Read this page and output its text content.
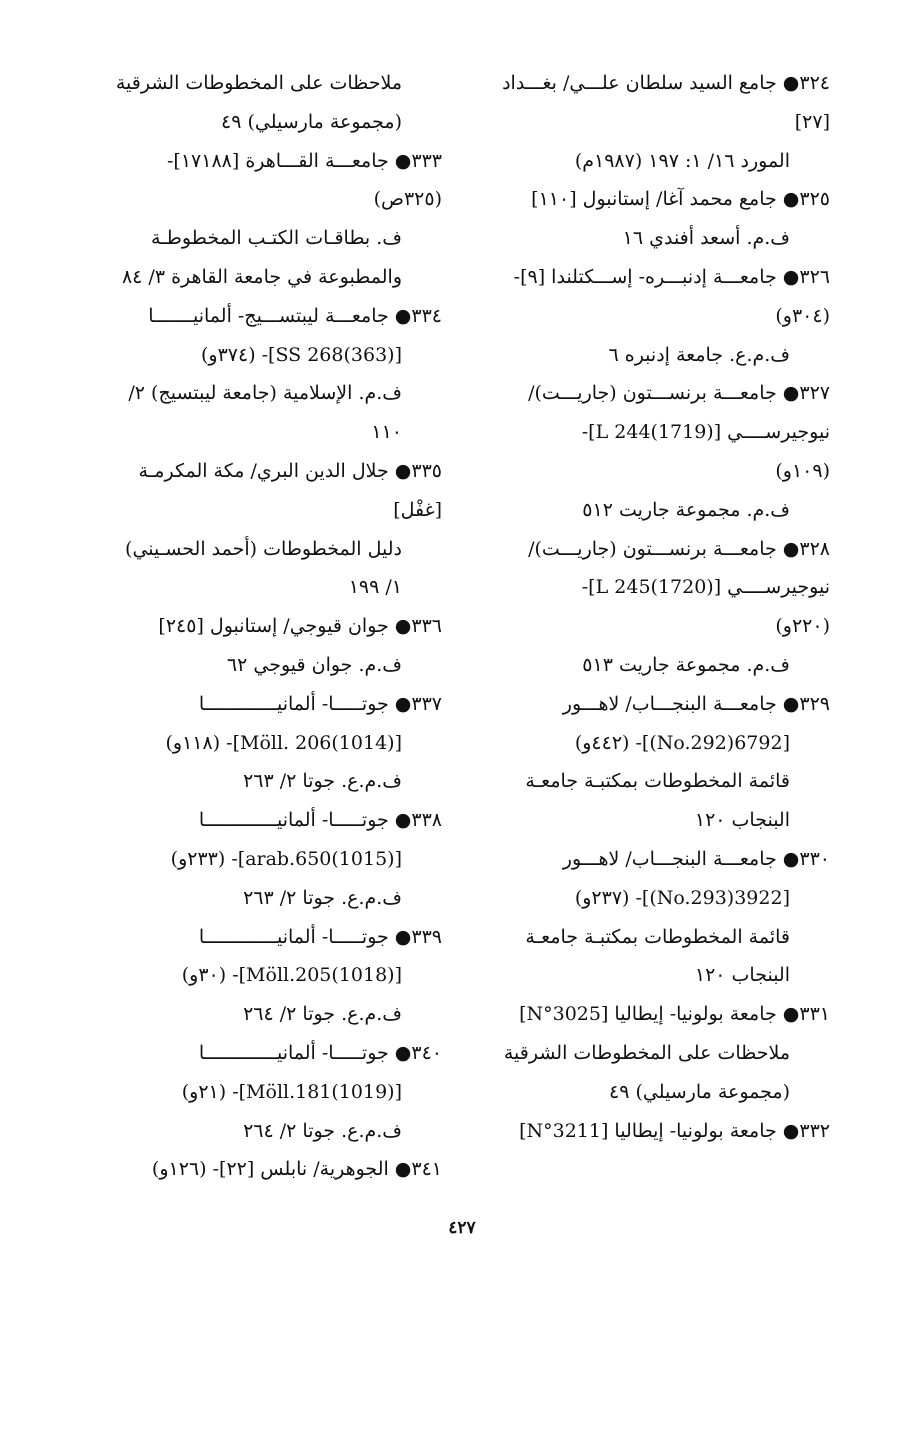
٣٢٤● جامع السيد سلطان علـــي/ بغـــداد
[٢٧]
المورد ١٦/ ١: ١٩٧ (١٩٨٧م)
٣٢٥● جامع محمد آغا/ إستانبول [١١٠]
ف.م. أسعد أفندي ١٦
٣٢٦● جامعـــة إدنبـــره- إســـكتلندا [٩]-
(٣٠٤و)
ف.م.ع. جامعة إدنبره ٦
٣٢٧● جامعـــة برنســـتون (جاريـــت)/
نيوجيرســــي [L 244(1719)]-
(١٠٩و)
ف.م. مجموعة جاريت ٥١٢
٣٢٨● جامعـــة برنســـتون (جاريـــت)/
نيوجيرســــي [L 245(1720)]-
(٢٢٠و)
ف.م. مجموعة جاريت ٥١٣
٣٢٩● جامعـــة البنجـــاب/ لاهـــور
[6792(No.292)]- (٤٤٢و)
قائمة المخطوطات بمكتبـة جامعـة
البنجاب ١٢٠
٣٣٠● جامعـــة البنجـــاب/ لاهـــور
[3922(No.293)]- (٢٣٧و)
قائمة المخطوطات بمكتبـة جامعـة
البنجاب ١٢٠
٣٣١● جامعة بولونيا- إيطاليا [N°3025]
ملاحظات على المخطوطات الشرقية
(مجموعة مارسيلي) ٤٩
٣٣٢● جامعة بولونيا- إيطاليا [N°3211]
ملاحظات على المخطوطات الشرقية
(مجموعة مارسيلي) ٤٩
٣٣٣● جامعـــة القـــاهرة [١٧١٨٨]-
(٣٢٥ص)
ف. بطاقـات الكتـب المخطوطـة
والمطبوعة في جامعة القاهرة ٣/ ٨٤
٣٣٤● جامعـــة ليبتســـيج- ألمانيـــــــا
[SS 268(363)]- (٣٧٤و)
ف.م. الإسلامية (جامعة ليبتسيج) ٢/
١١٠
٣٣٥● جلال الدين البري/ مكة المكرمـة
[غفْل]
دليل المخطوطات (أحمد الحسـيني)
١/ ١٩٩
٣٣٦● جوان قيوجي/ إستانبول [٢٤٥]
ف.م. جوان قيوجي ٦٢
٣٣٧● جوتـــــا- ألمانيـــــــــــــا
[Möll. 206(1014)]- (١١٨و)
ف.م.ع. جوتا ٢/ ٢٦٣
٣٣٨● جوتـــــا- ألمانيـــــــــــــا
[arab.650(1015)]- (٢٣٣و)
ف.م.ع. جوتا ٢/ ٢٦٣
٣٣٩● جوتـــــا- ألمانيـــــــــــــا
[Möll.205(1018)]- (٣٠و)
ف.م.ع. جوتا ٢/ ٢٦٤
٣٤٠● جوتـــــا- ألمانيـــــــــــــا
[Möll.181(1019)]- (٢١و)
ف.م.ع. جوتا ٢/ ٢٦٤
٣٤١● الجوهرية/ نابلس [٢٢]- (١٢٦و)
٤٢٧
